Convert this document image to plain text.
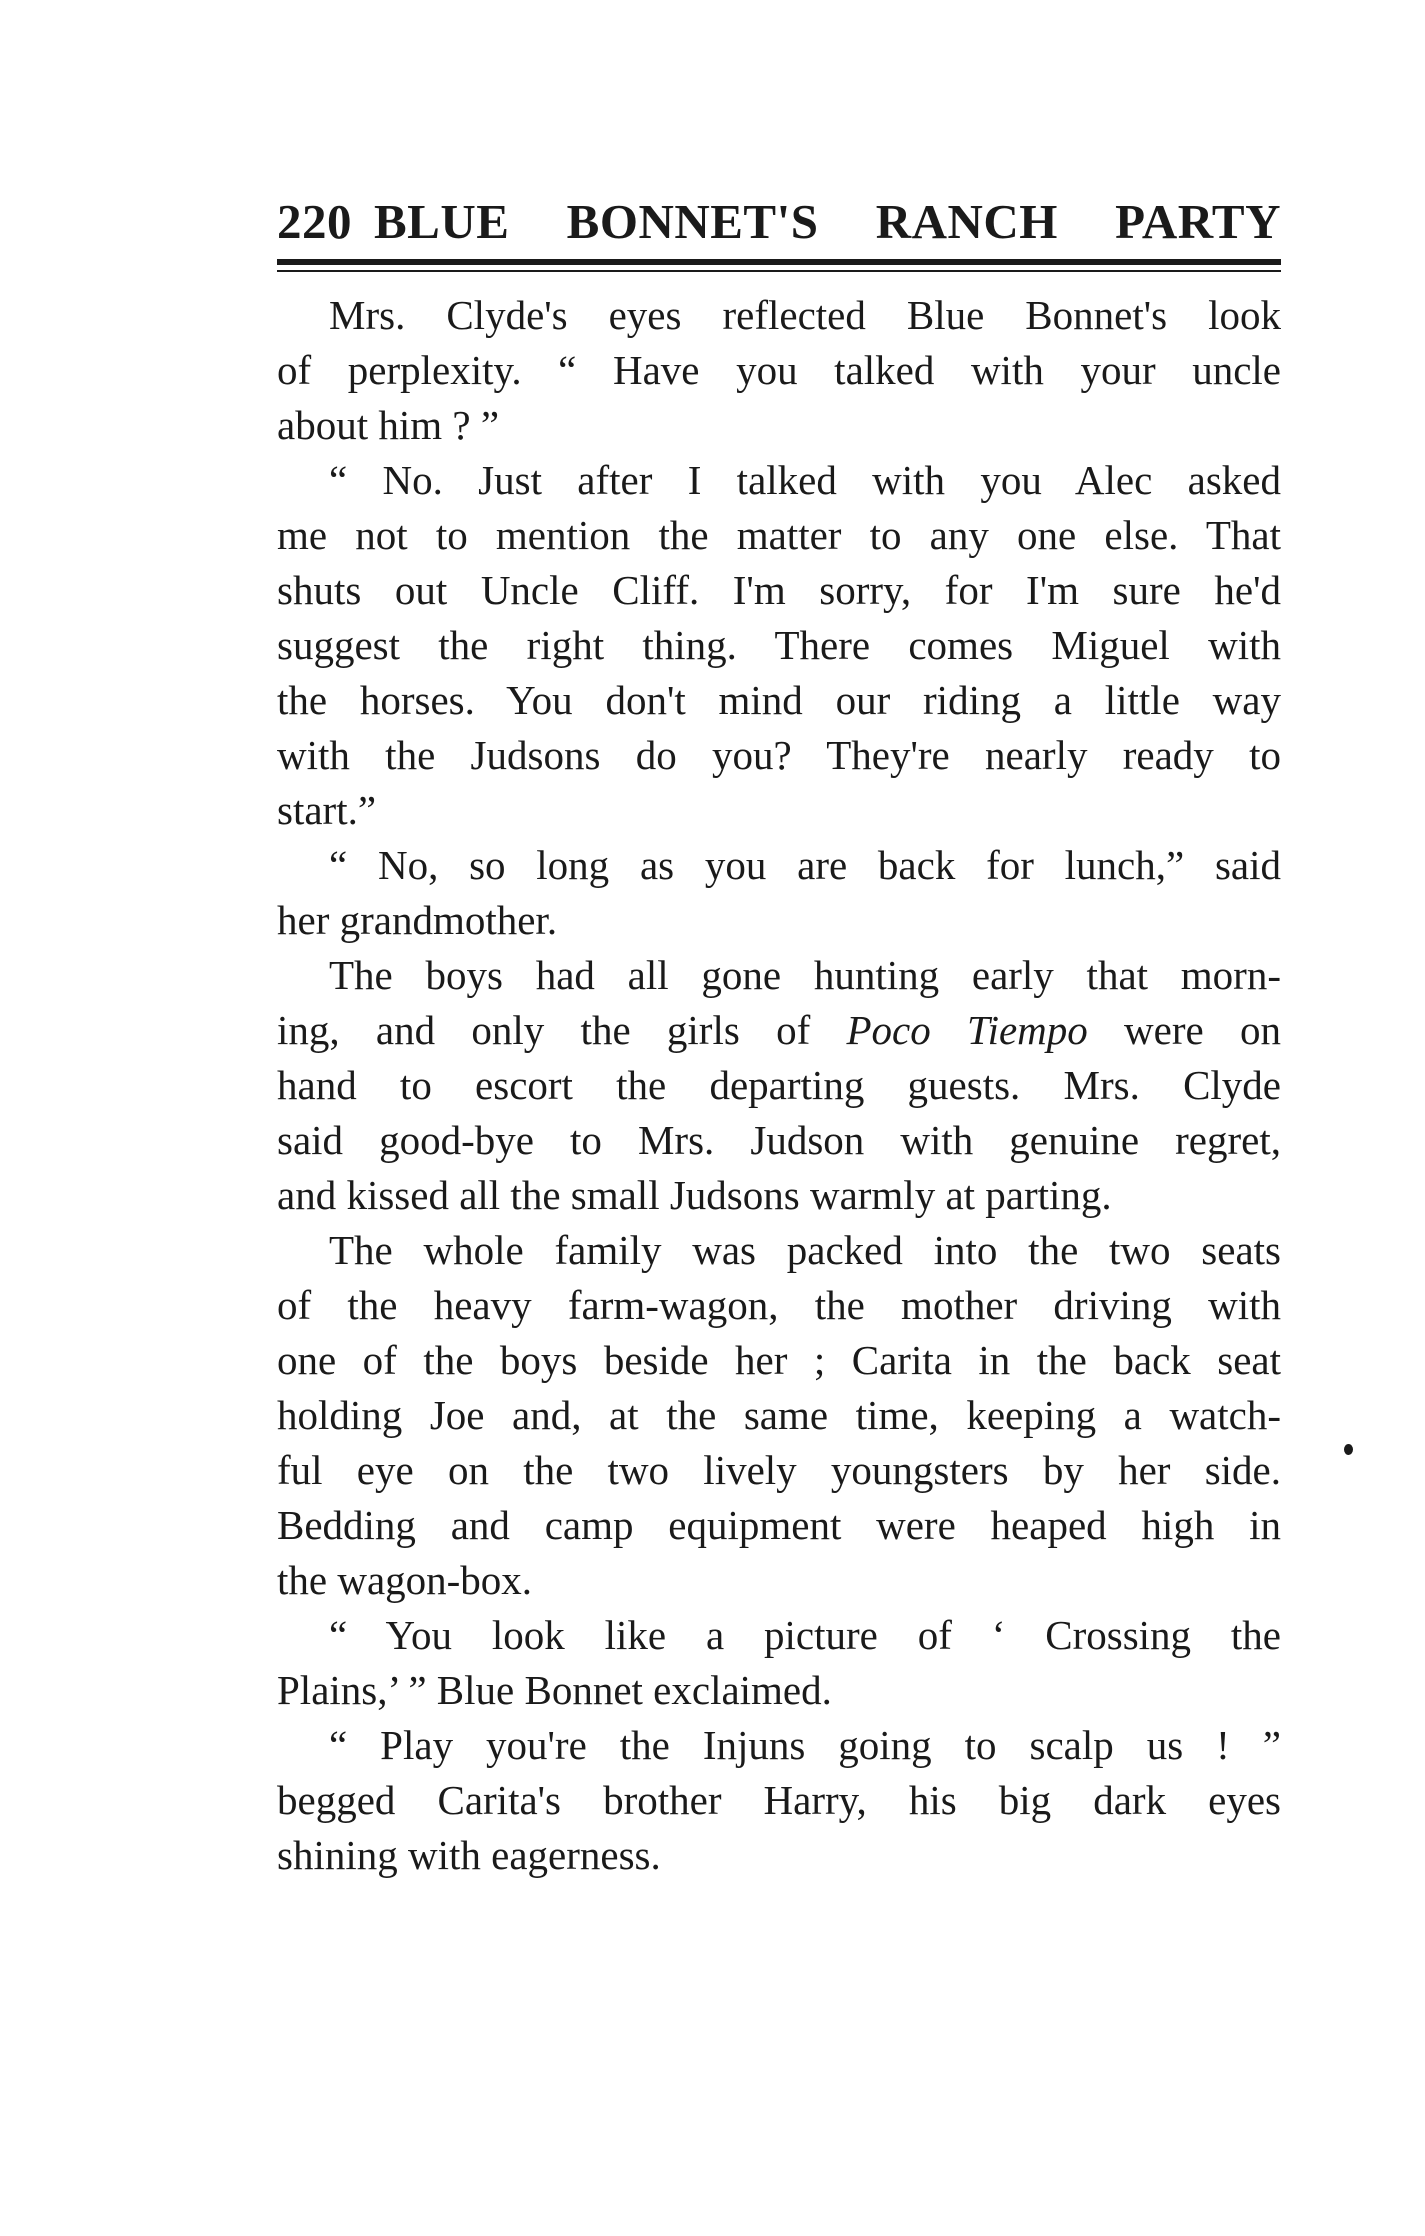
220 BLUE BONNET'S RANCH PARTY
Mrs. Clyde's eyes reflected Blue Bonnet's look
of perplexity. “ Have you talked with your uncle
about him ? ”
“ No. Just after I talked with you Alec asked
me not to mention the matter to any one else. That
shuts out Uncle Cliff. I'm sorry, for I'm sure he'd
suggest the right thing. There comes Miguel with
the horses. You don't mind our riding a little way
with the Judsons do you? They're nearly ready to
start.”
“ No, so long as you are back for lunch,” said
her grandmother.
The boys had all gone hunting early that morn-
ing, and only the girls of Poco Tiempo were on
hand to escort the departing guests. Mrs. Clyde
said good-bye to Mrs. Judson with genuine regret,
and kissed all the small Judsons warmly at parting.
The whole family was packed into the two seats
of the heavy farm-wagon, the mother driving with
one of the boys beside her ; Carita in the back seat
holding Joe and, at the same time, keeping a watch-
ful eye on the two lively youngsters by her side.
Bedding and camp equipment were heaped high in
the wagon-box.
“ You look like a picture of ‘ Crossing the
Plains,’ ” Blue Bonnet exclaimed.
“ Play you're the Injuns going to scalp us ! ”
begged Carita's brother Harry, his big dark eyes
shining with eagerness.
